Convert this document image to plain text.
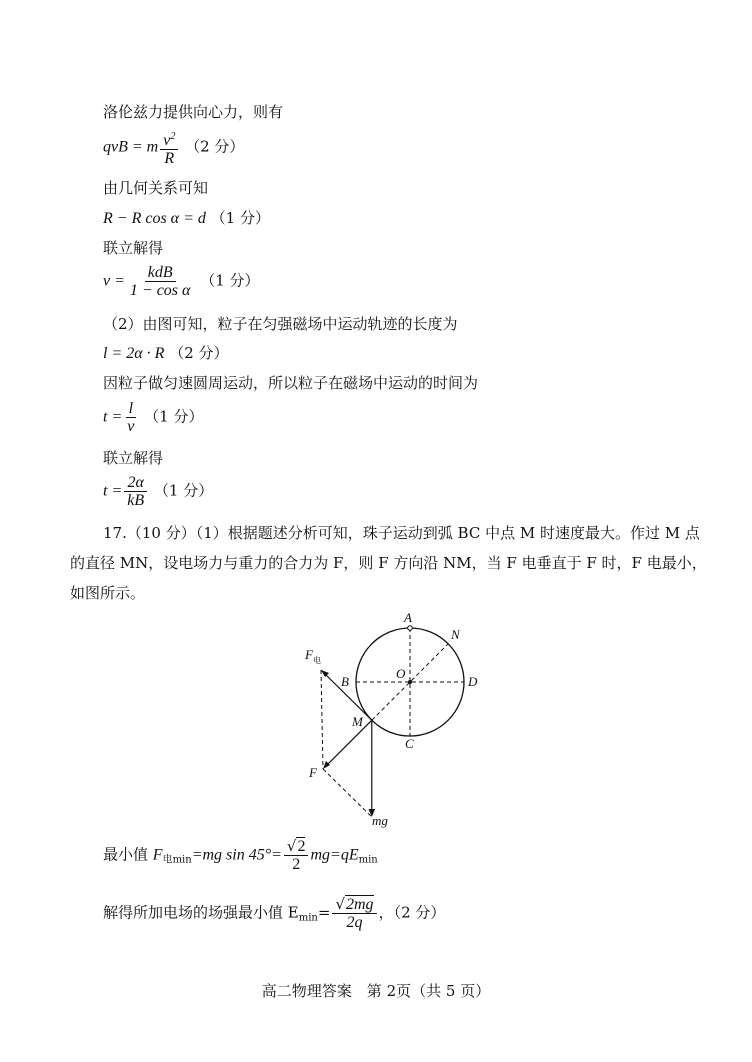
洛伦兹力提供向心力，则有
qvB = m $\frac{v^2}{R} (2$ 分）
由几何关系可知
R − R cos α = d （1 分）
联立解得
$v = \frac{\text{kdB}}{\text{1 − cos α}} (1$ 分）
（2）由图可知，粒子在匀强磁场中运动轨迹的长度为
l = 2α · R （2 分）
因粒子做匀速圆周运动，所以粒子在磁场中运动的时间为
$t = \frac{l}{v} (1$ 分）
联立解得
$t = \frac{2\alpha}{kB} (1$ 分）
17.（10 分）（1）根据题述分析可知，珠子运动到弧 BC 中点 M 时速度最大。作过 M 点
的直径 MN，设电场力与重力的合力为 F，则 F 方向沿 NM，当 F 电垂直于 F 时，F 电最小，
如图所示。
A
N
B
O
D
M
C
F
$F_电$
mg
最小值 $F_{电min}=mg$ $\sin 45^\circ= \frac{√2}{2} mg=qE_{min}$
解得所加电场的场强最小值 $E_{min}= \frac{√2mg}{2q}$ ，（2 分）
高二物理答案　第 2页（共 5 页）
